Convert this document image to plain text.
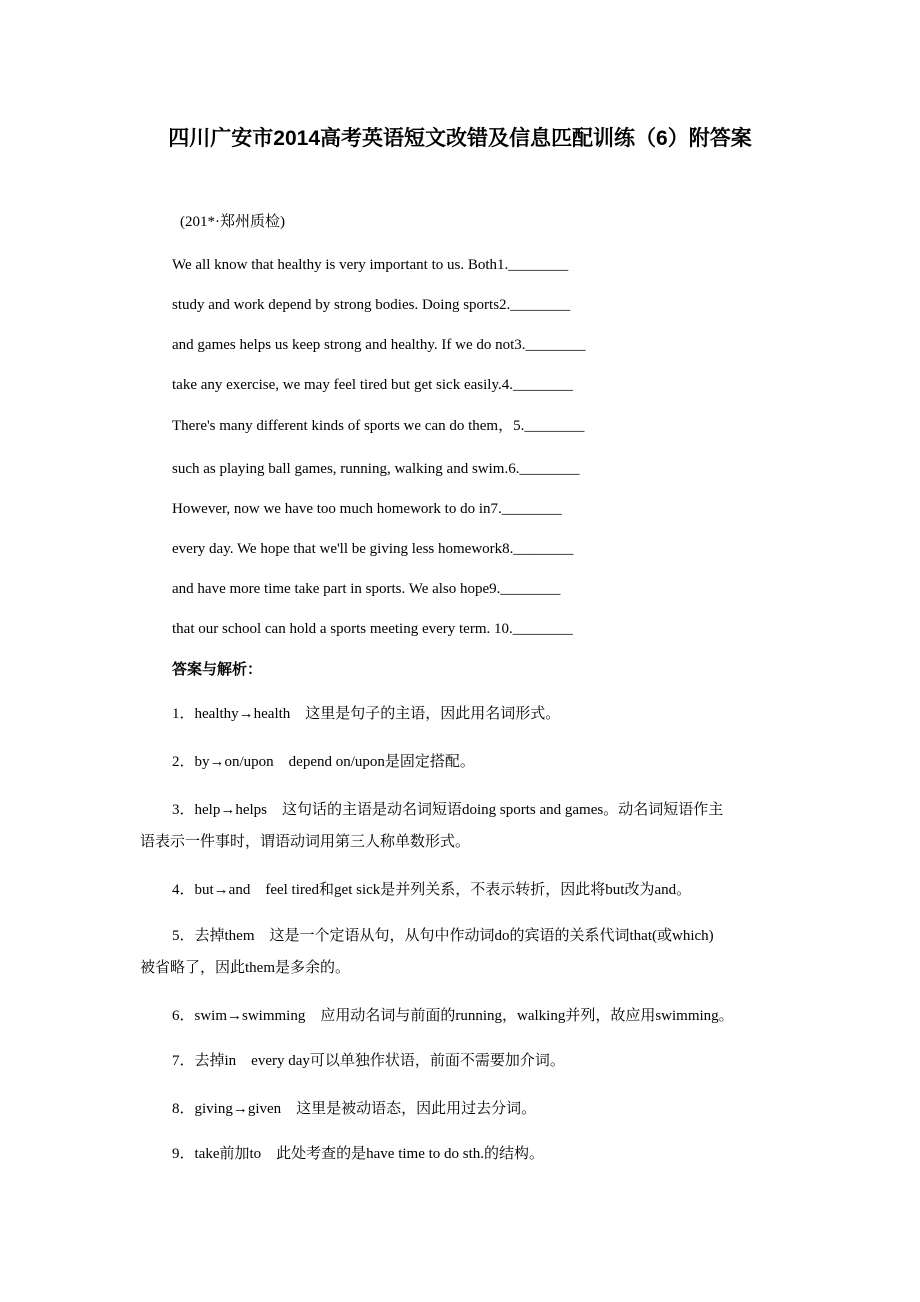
四川广安市2014高考英语短文改错及信息匹配训练（6）附答案
(201*·郑州质检)
We all know that healthy is very important to us. Both1.________
study and work depend by strong bodies. Doing sports2.________
and games helps us keep strong and healthy. If we do not3.________
take any exercise, we may feel tired but get sick easily.4.________
There's many different kinds of sports we can do them，5.________
such as playing ball games, running, walking and swim.6.________
However, now we have too much homework to do in7.________
every day. We hope that we'll be giving less homework8.________
and have more time take part in sports. We also hope9.________
that our school can hold a sports meeting every term. 10.________
答案与解析：
1．healthy→health　这里是句子的主语，因此用名词形式。
2．by→on/upon　depend on/upon是固定搭配。
3．help→helps　这句话的主语是动名词短语doing sports and games。动名词短语作主
语表示一件事时，谓语动词用第三人称单数形式。
4．but→and　feel tired和get sick是并列关系，不表示转折，因此将but改为and。
5．去掉them　这是一个定语从句，从句中作动词do的宾语的关系代词that(或which)
被省略了，因此them是多余的。
6．swim→swimming　应用动名词与前面的running，walking并列，故应用swimming。
7．去掉in　every day可以单独作状语，前面不需要加介词。
8．giving→given　这里是被动语态，因此用过去分词。
9．take前加to　此处考查的是have time to do sth.的结构。
